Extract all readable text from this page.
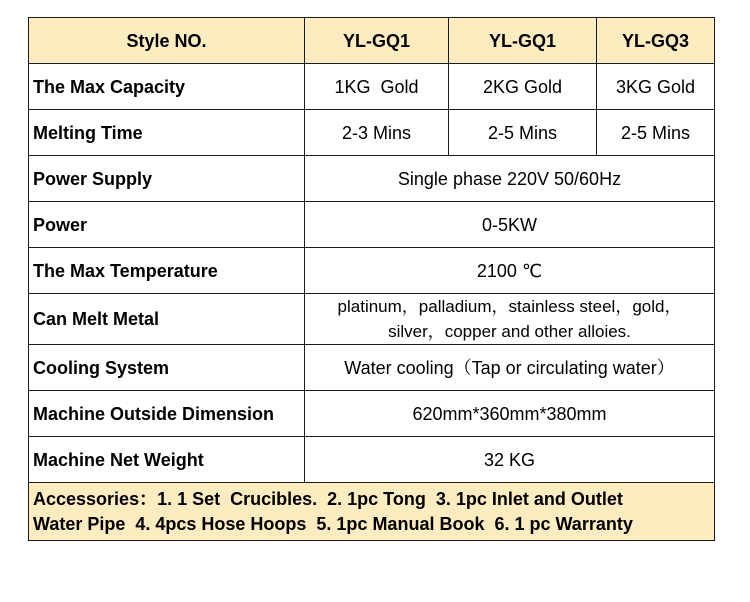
Style NO.	YL-GQ1	YL-GQ1	YL-GQ3
The Max Capacity	1KG  Gold	2KG Gold	3KG Gold
Melting Time	2-3 Mins	2-5 Mins	2-5 Mins
Power Supply	Single phase 220V 50/60Hz		
Power	0-5KW		
The Max Temperature	2100 ℃		
Can Melt Metal	platinum，palladium，stainless steel，gold，
silver，copper and other alloies.		

Cooling System	Water cooling（Tap or circulating water）		
Machine Outside Dimension	620mm*360mm*380mm		
Machine Net Weight	32 KG		

Accessories：1. 1 Set  Crucibles.  2. 1pc Tong  3. 1pc Inlet and Outlet
Water Pipe  4. 4pcs Hose Hoops  5. 1pc Manual Book  6. 1 pc Warranty			
